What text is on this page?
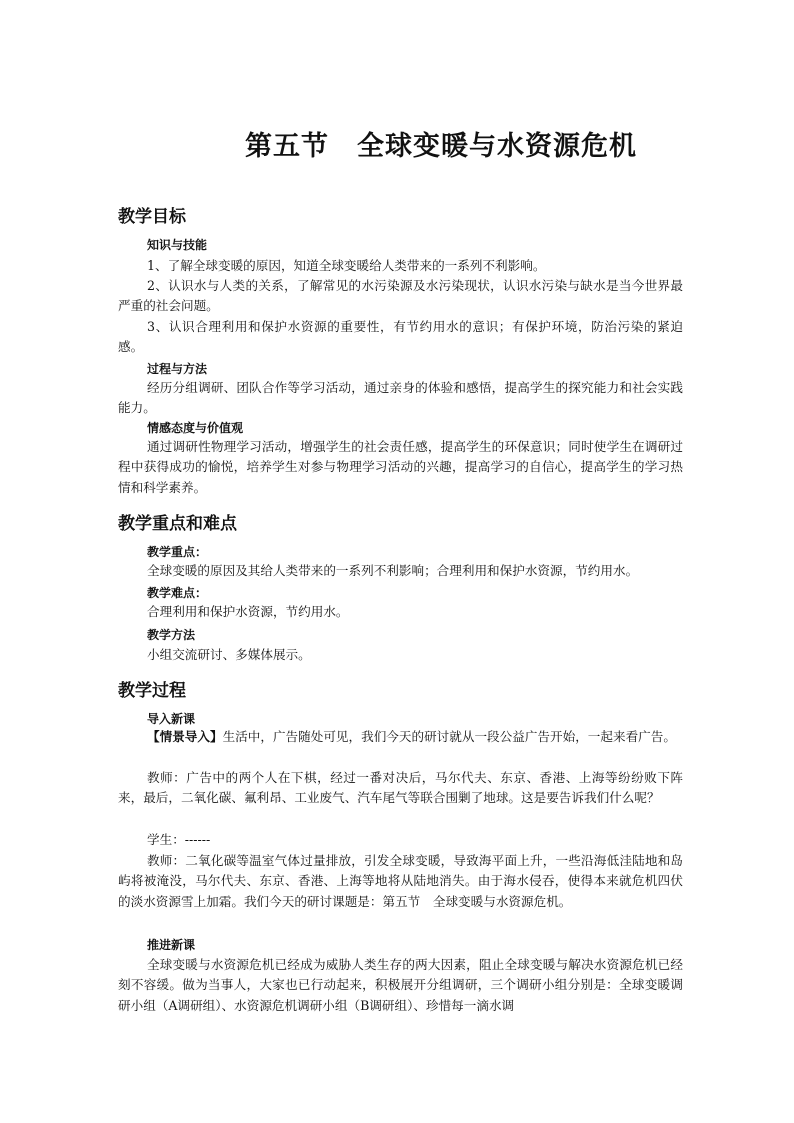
第五节　全球变暖与水资源危机
教学目标
知识与技能

1、了解全球变暖的原因，知道全球变暖给人类带来的一系列不利影响。

2、认识水与人类的关系，了解常见的水污染源及水污染现状，认识水污染与缺水是当今世界最严重的社会问题。

3、认识合理利用和保护水资源的重要性，有节约用水的意识；有保护环境，防治污染的紧迫感。

过程与方法

经历分组调研、团队合作等学习活动，通过亲身的体验和感悟，提高学生的探究能力和社会实践能力。

情感态度与价值观

通过调研性物理学习活动，增强学生的社会责任感，提高学生的环保意识；同时使学生在调研过程中获得成功的愉悦，培养学生对参与物理学习活动的兴趣，提高学习的自信心，提高学生的学习热情和科学素养。

教学重点和难点
教学重点：

全球变暖的原因及其给人类带来的一系列不利影响；合理利用和保护水资源，节约用水。

教学难点：

合理利用和保护水资源，节约用水。

教学方法

小组交流研讨、多媒体展示。

教学过程
导入新课

【情景导入】生活中，广告随处可见，我们今天的研讨就从一段公益广告开始，一起来看广告。

教师：广告中的两个人在下棋，经过一番对决后，马尔代夫、东京、香港、上海等纷纷败下阵来，最后，二氧化碳、氟利昂、工业废气、汽车尾气等联合围剿了地球。这是要告诉我们什么呢？

学生：------

教师：二氧化碳等温室气体过量排放，引发全球变暖，导致海平面上升，一些沿海低洼陆地和岛屿将被淹没，马尔代夫、东京、香港、上海等地将从陆地消失。由于海水侵吞，使得本来就危机四伏的淡水资源雪上加霜。我们今天的研讨课题是：第五节　全球变暖与水资源危机。

推进新课

全球变暖与水资源危机已经成为威胁人类生存的两大因素，阻止全球变暖与解决水资源危机已经刻不容缓。做为当事人，大家也已行动起来，积极展开分组调研，三个调研小组分别是：全球变暖调研小组（A调研组）、水资源危机调研小组（B调研组）、珍惜每一滴水调
